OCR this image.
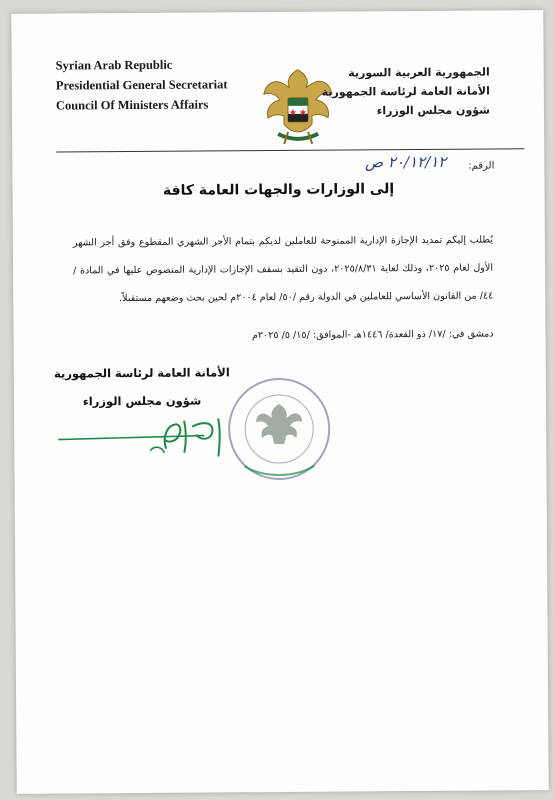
Syrian Arab Republic
Presidential General Secretariat
Council Of Ministers Affairs
الجمهورية العربية السورية
الأمانة العامة لرئاسة الجمهورية
شؤون مجلس الوزراء
الرقم:
٢٠/١٢/١٢ ص
إلى الوزارات والجهات العامة كافة
يُطلب إليكم تمديد الإجازة الإدارية الممنوحة للعاملين لديكم بتمام الأجر الشهري المقطوع وفق أجر الشهر الأول لعام ٢٠٢٥، وذلك لغاية ٢٠٢٥/٨/٣١، دون التقيد بسقف الإجازات الإدارية المنصوص عليها في المادة /٤٤/ من القانون الأساسي للعاملين في الدولة رقم /٥٠/ لعام ٢٠٠٤م لحين بحث وضعهم مستقبلاً.
دمشق في: /١٧/ ذو القعدة/ ١٤٤٦هـ -الموافق: /١٥/ ٥/ ٢٠٢٥م
الأمانة العامة لرئاسة الجمهورية
شؤون مجلس الوزراء
